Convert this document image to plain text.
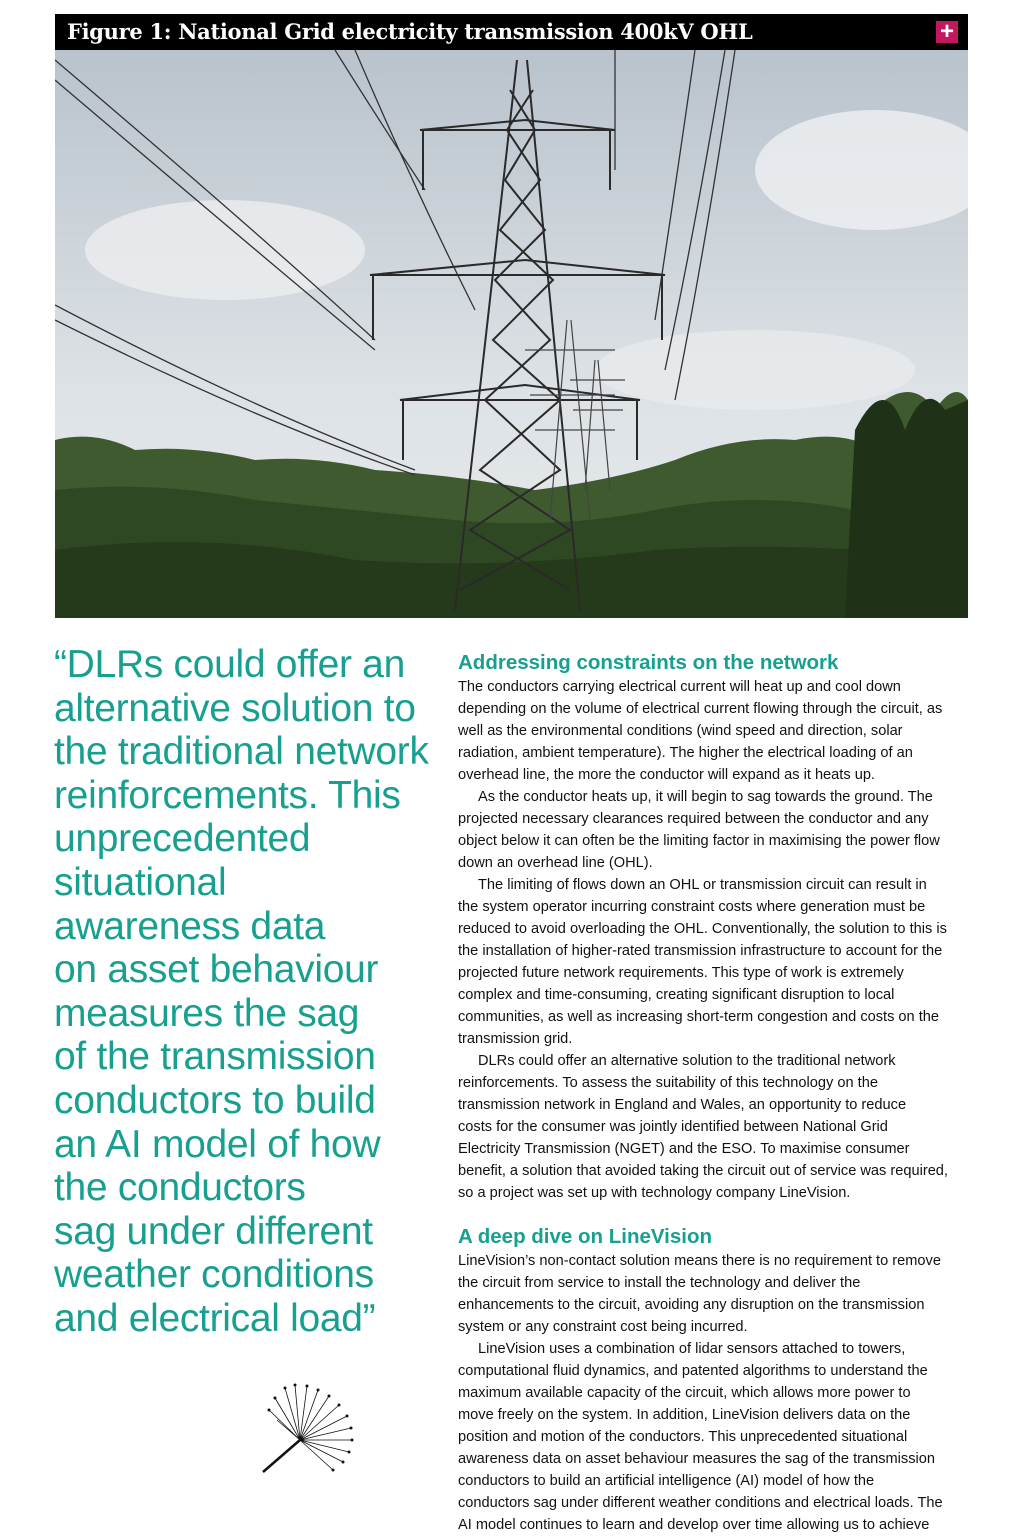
Figure 1: National Grid electricity transmission 400kV OHL	+
“DLRs could offer an
alternative solution to
the traditional network
reinforcements. This
unprecedented
situational
awareness data
on asset behaviour
measures the sag
of the transmission
conductors to build
an AI model of how
the conductors
sag under different
weather conditions
and electrical load”
Addressing constraints on the network

The conductors carrying electrical current will heat up and cool down
depending on the volume of electrical current flowing through the circuit, as
well as the environmental conditions (wind speed and direction, solar
radiation, ambient temperature). The higher the electrical loading of an
overhead line, the more the conductor will expand as it heats up.

As the conductor heats up, it will begin to sag towards the ground. The
projected necessary clearances required between the conductor and any
object below it can often be the limiting factor in maximising the power flow
down an overhead line (OHL).

The limiting of flows down an OHL or transmission circuit can result in
the system operator incurring constraint costs where generation must be
reduced to avoid overloading the OHL. Conventionally, the solution to this is
the installation of higher-rated transmission infrastructure to account for the
projected future network requirements. This type of work is extremely
complex and time-consuming, creating significant disruption to local
communities, as well as increasing short-term congestion and costs on the
transmission grid.

DLRs could offer an alternative solution to the traditional network
reinforcements. To assess the suitability of this technology on the
transmission network in England and Wales, an opportunity to reduce
costs for the consumer was jointly identified between National Grid
Electricity Transmission (NGET) and the ESO. To maximise consumer
benefit, a solution that avoided taking the circuit out of service was required,
so a project was set up with technology company LineVision.

A deep dive on LineVision

LineVision’s non-contact solution means there is no requirement to remove
the circuit from service to install the technology and deliver the
enhancements to the circuit, avoiding any disruption on the transmission
system or any constraint cost being incurred.

LineVision uses a combination of lidar sensors attached to towers,
computational fluid dynamics, and patented algorithms to understand the
maximum available capacity of the circuit, which allows more power to
move freely on the system. In addition, LineVision delivers data on the
position and motion of the conductors. This unprecedented situational
awareness data on asset behaviour measures the sag of the transmission
conductors to build an artificial intelligence (AI) model of how the
conductors sag under different weather conditions and electrical loads. The
AI model continues to learn and develop over time allowing us to achieve
